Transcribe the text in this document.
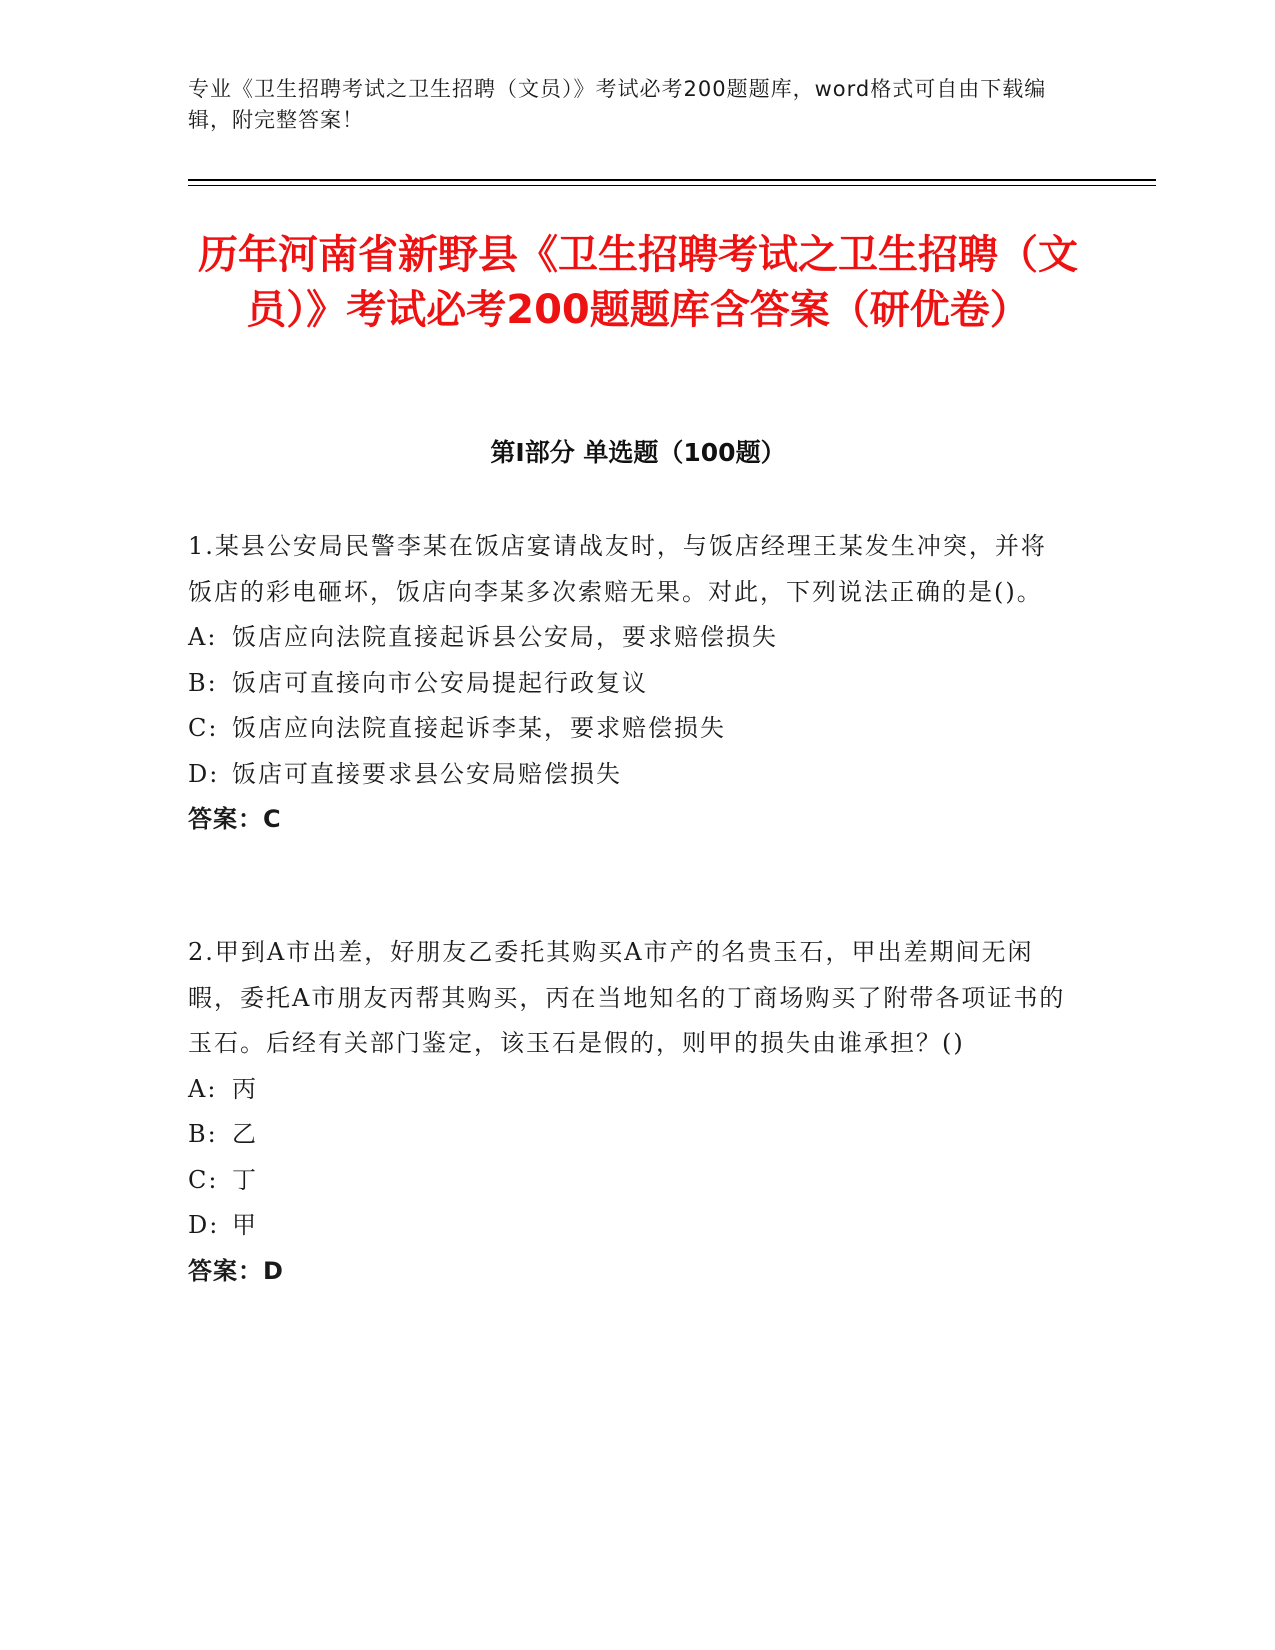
专业《卫生招聘考试之卫生招聘（文员）》考试必考200题题库，word格式可自由下载编辑，附完整答案！
历年河南省新野县《卫生招聘考试之卫生招聘（文员）》考试必考200题题库含答案（研优卷）
第Ⅰ部分 单选题（100题）

1.某县公安局民警李某在饭店宴请战友时，与饭店经理王某发生冲突，并将饭店的彩电砸坏，饭店向李某多次索赔无果。对此，下列说法正确的是()。

A: 饭店应向法院直接起诉县公安局，要求赔偿损失

B: 饭店可直接向市公安局提起行政复议

C: 饭店应向法院直接起诉李某，要求赔偿损失

D: 饭店可直接要求县公安局赔偿损失

答案：C

2.甲到A市出差，好朋友乙委托其购买A市产的名贵玉石，甲出差期间无闲暇，委托A市朋友丙帮其购买，丙在当地知名的丁商场购买了附带各项证书的玉石。后经有关部门鉴定，该玉石是假的，则甲的损失由谁承担？()

A: 丙

B: 乙

C: 丁

D: 甲

答案：D
